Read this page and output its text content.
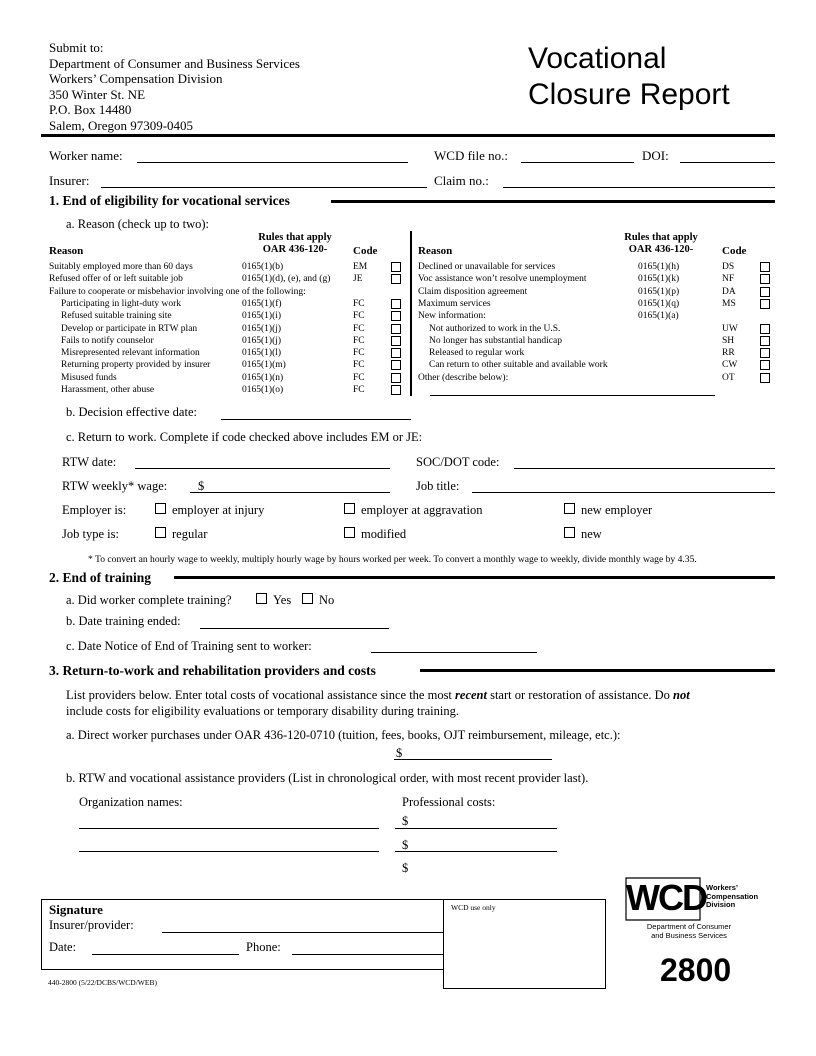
Submit to:
Department of Consumer and Business Services
Workers’ Compensation Division
350 Winter St. NE
P.O. Box 14480
Salem, Oregon 97309-0405
Vocational
Closure Report
Worker name:	WCD file no.:	DOI:
Insurer:	Claim no.:
1. End of eligibility for vocational services
a. Reason (check up to two):
Rules that apply
OAR 436-120-
Reason	Code
Rules that apply
OAR 436-120-
Reason	Code
Suitably employed more than 60 days	0165(1)(b)	EM
Refused offer of or left suitable job	0165(1)(d), (e), and (g) JE
Failure to cooperate or misbehavior involving one of the following:
Participating in light-duty work	0165(1)(f)	FC
Refused suitable training site	0165(1)(i)	FC
Develop or participate in RTW plan	0165(1)(j)	FC
Fails to notify counselor	0165(1)(j)	FC
Misrepresented relevant information	0165(1)(l)	FC
Returning property provided by insurer	0165(1)(m)	FC
Misused funds	0165(1)(n)	FC
Harassment, other abuse	0165(1)(o)	FC
Declined or unavailable for services	0165(1)(h)	DS
Voc assistance won’t resolve unemployment	0165(1)(k)	NF
Claim disposition agreement	0165(1)(p)	DA
Maximum services	0165(1)(q)	MS
New information:	0165(1)(a)
Not authorized to work in the U.S.	UW
No longer has substantial handicap	SH
Released to regular work	RR
Can return to other suitable and available work	CW
Other (describe below):	OT
b. Decision effective date:
c. Return to work. Complete if code checked above includes EM or JE:
RTW date:	SOC/DOT code:
RTW weekly* wage: $	Job title:
Employer is:	employer at injury	employer at aggravation	new employer
Job type is:	regular	modified	new
* To convert an hourly wage to weekly, multiply hourly wage by hours worked per week. To convert a monthly wage to weekly, divide monthly wage by 4.35.
2. End of training
a. Did worker complete training?	Yes No
b. Date training ended:
c. Date Notice of End of Training sent to worker:
3. Return-to-work and rehabilitation providers and costs
List providers below. Enter total costs of vocational assistance since the most recent start or restoration of assistance. Do not
include costs for eligibility evaluations or temporary disability during training.
a. Direct worker purchases under OAR 436-120-0710 (tuition, fees, books, OJT reimbursement, mileage, etc.):
$
b. RTW and vocational assistance providers (List in chronological order, with most recent provider last).
Organization names:	Professional costs:
$
$
$
Signature
Insurer/provider:
Date:	Phone:
WCD use only
440-2800 (5/22/DCBS/WCD/WEB)
WCD Workers’
Compensation
Division
Department of Consumer
and Business Services
2800
